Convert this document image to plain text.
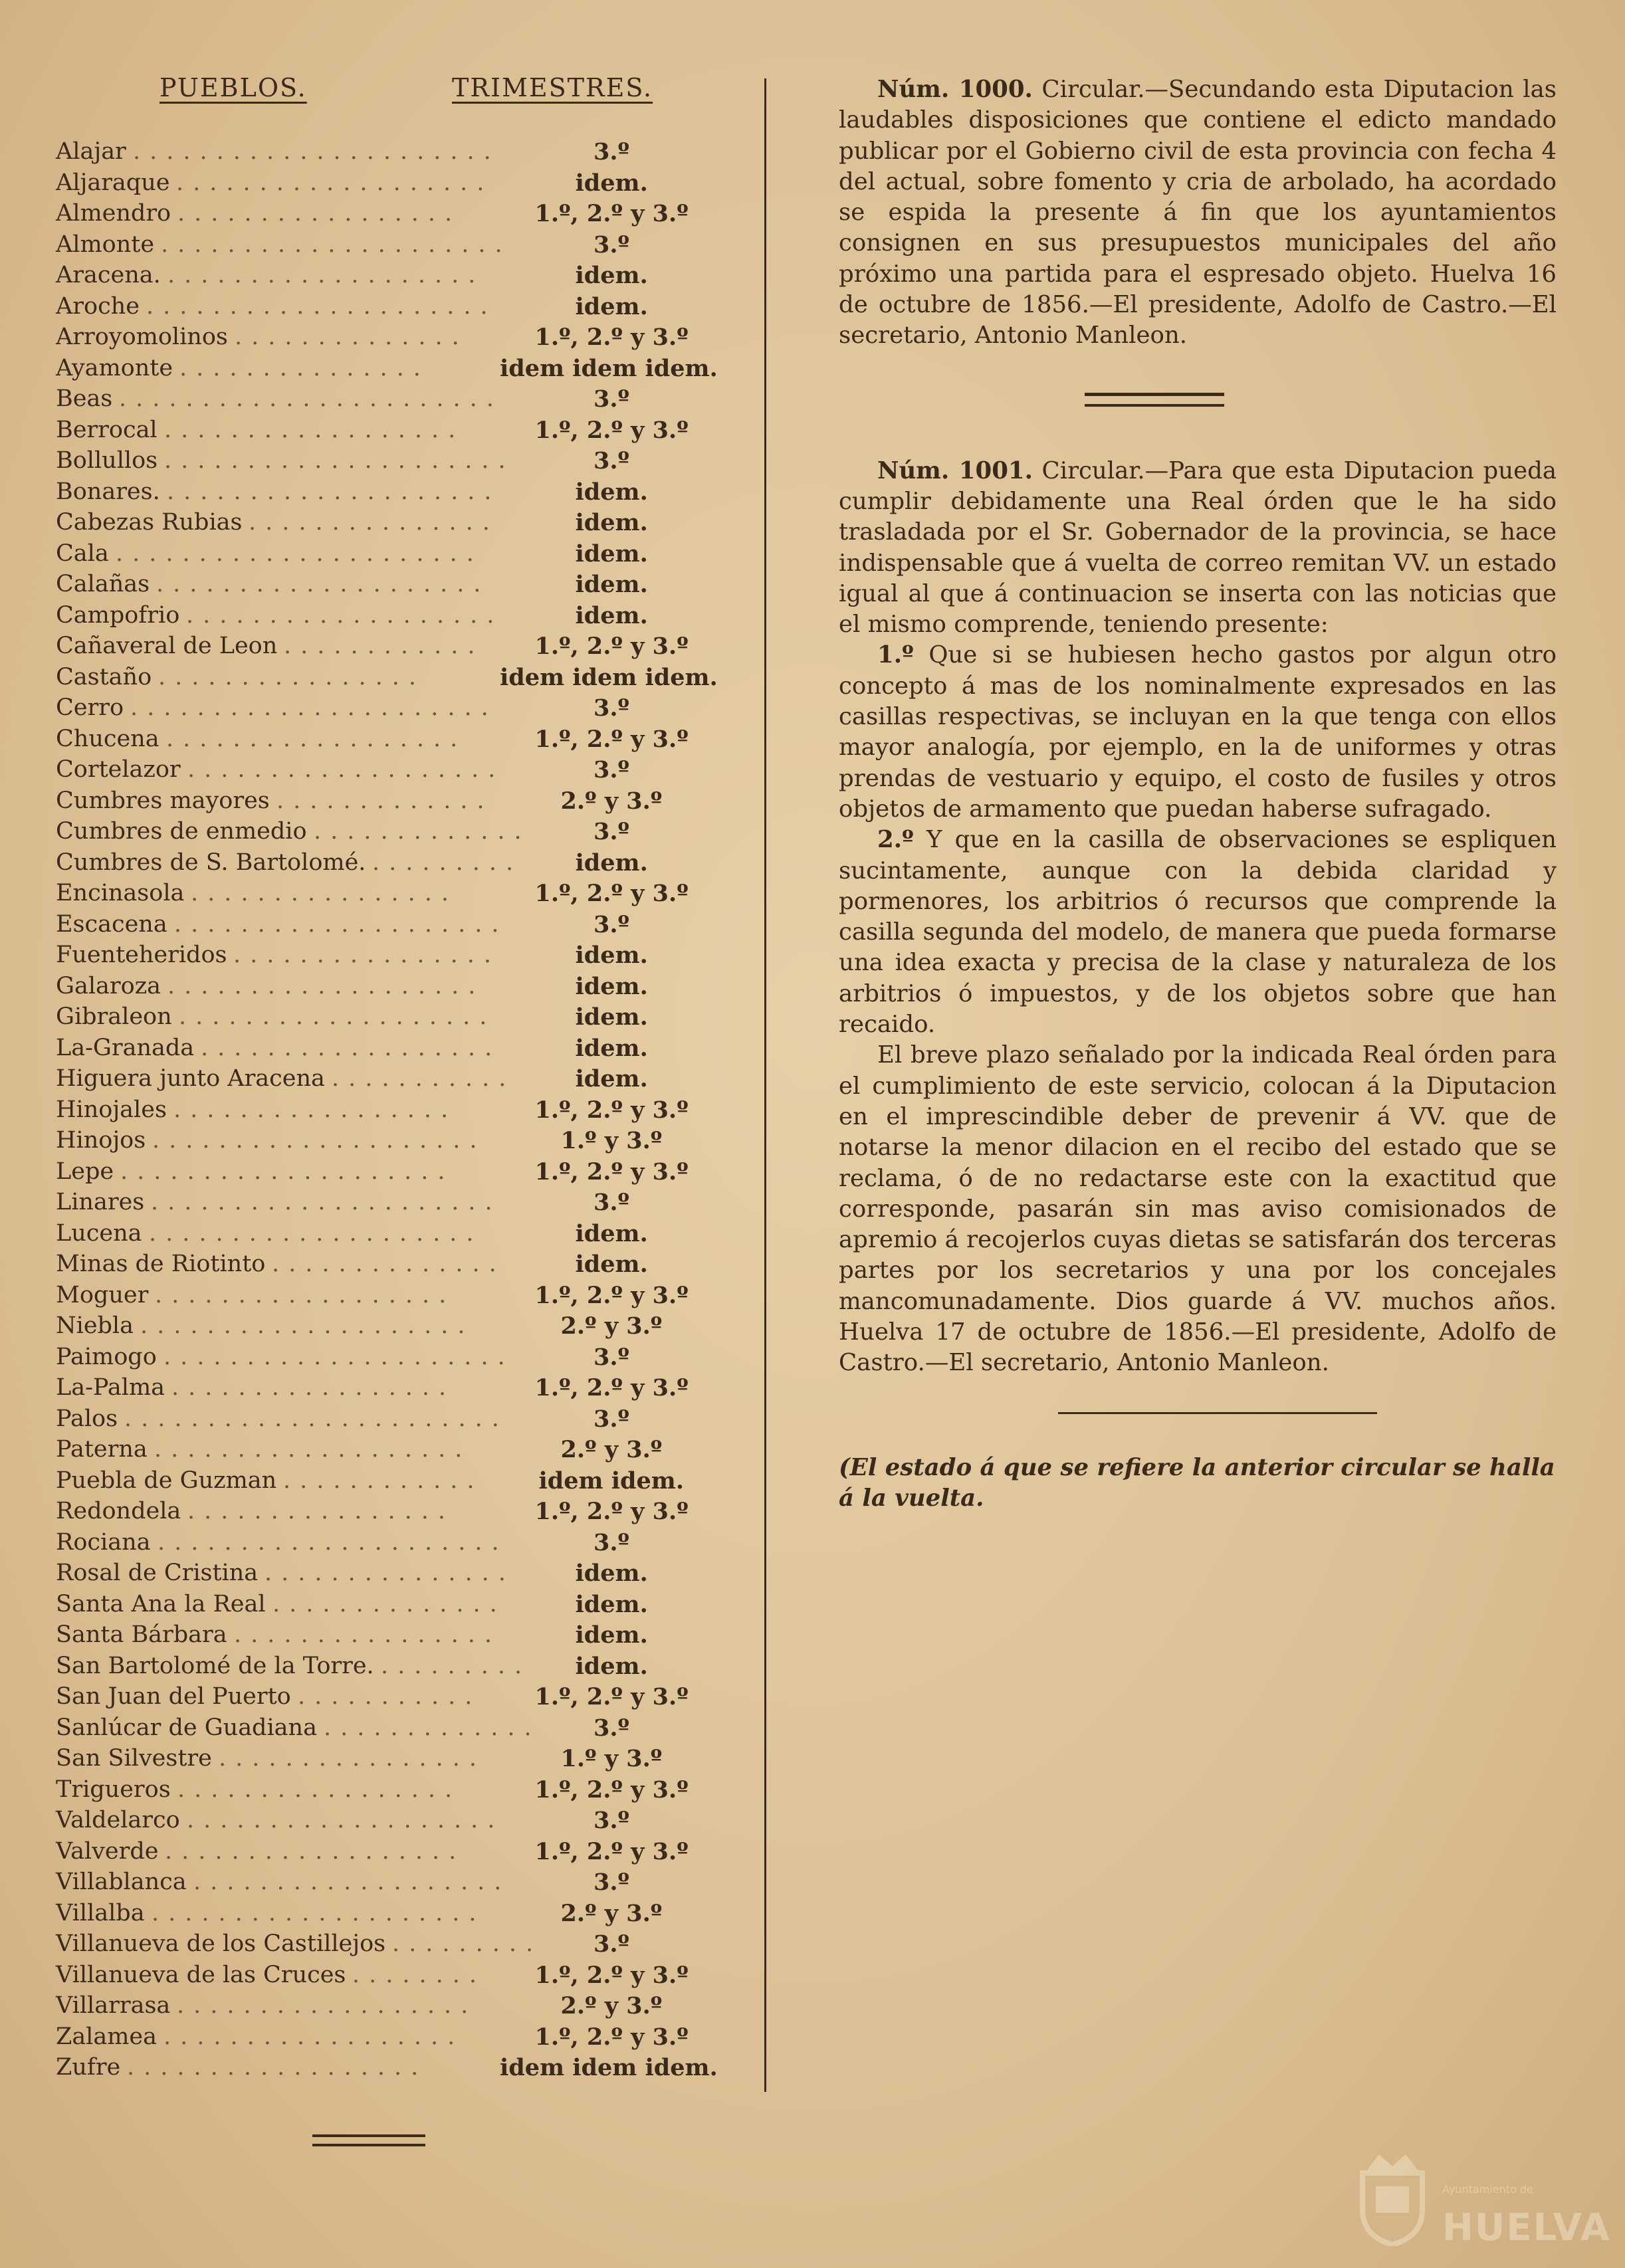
PUEBLOS.	TRIMESTRES.
Alajar ......................	3.º
Aljaraque ...................	idem.
Almendro .................	1.º, 2.º y 3.º
Almonte .....................	3.º
Aracena. ...................	idem.
Aroche .....................	idem.
Arroyomolinos ..............	1.º, 2.º y 3.º
Ayamonte ...............	idem idem idem.
Beas .......................	3.º
Berrocal ..................	1.º, 2.º y 3.º
Bollullos .....................	3.º
Bonares. ....................	idem.
Cabezas Rubias ...............	idem.
Cala ......................	idem.
Calañas ....................	idem.
Campofrio ...................	idem.
Cañaveral de Leon ............ 1.º, 2.º y 3.º
Castaño ................	idem idem idem.
Cerro ......................	3.º
Chucena ..................	1.º, 2.º y 3.º
Cortelazor ...................	3.º
Cumbres mayores .............	2.º y 3.º
Cumbres de enmedio .............	3.º
Cumbres de S. Bartolomé. ......... idem.
Encinasola ................	1.º, 2.º y 3.º
Escacena ....................	3.º
Fuenteheridos ................	idem.
Galaroza ...................	idem.
Gibraleon ...................	idem.
La-Granada ..................	idem.
Higuera junto Aracena ...........	idem.
Hinojales .................	1.º, 2.º y 3.º
Hinojos ....................	1.º y 3.º
Lepe ....................	1.º, 2.º y 3.º
Linares .....................	3.º
Lucena ....................	idem.
Minas de Riotinto ..............	idem.
Moguer ..................	1.º, 2.º y 3.º
Niebla ....................	2.º y 3.º
Paimogo .....................	3.º
La-Palma .................	1.º, 2.º y 3.º
Palos .......................	3.º
Paterna ...................	2.º y 3.º
Puebla de Guzman ............ idem idem.
Redondela ................	1.º, 2.º y 3.º
Rociana .....................	3.º
Rosal de Cristina ...............	idem.
Santa Ana la Real ..............	idem.
Santa Bárbara ................	idem.
San Bartolomé de la Torre. ......... idem.
San Juan del Puerto ........... 1.º, 2.º y 3.º
Sanlúcar de Guadiana ............. 3.º
San Silvestre ................	1.º y 3.º
Trigueros .................	1.º, 2.º y 3.º
Valdelarco ...................	3.º
Valverde ..................	1.º, 2.º y 3.º
Villablanca ...................	3.º
Villalba ....................	2.º y 3.º
Villanueva de los Castillejos ......... 3.º
Villanueva de las Cruces ........ 1.º, 2.º y 3.º
Villarrasa ..................	2.º y 3.º
Zalamea ..................	1.º, 2.º y 3.º
Zufre ..................	idem idem idem.

Núm. 1000. Circular.—Secundando esta Diputacion las laudables disposiciones que contiene el edicto mandado publicar por el Gobierno civil de esta provincia con fecha 4 del actual, sobre fomento y cria de arbolado, ha acordado se espida la presente á fin que los ayuntamientos consignen en sus presupuestos municipales del año próximo una partida para el espresado objeto. Huelva 16 de octubre de 1856.—El presidente, Adolfo de Castro.—El secretario, Antonio Manleon.

Núm. 1001. Circular.—Para que esta Diputacion pueda cumplir debidamente una Real órden que le ha sido trasladada por el Sr. Gobernador de la provincia, se hace indispensable que á vuelta de correo remitan VV. un estado igual al que á continuacion se inserta con las noticias que el mismo comprende, teniendo presente:

1.º Que si se hubiesen hecho gastos por algun otro concepto á mas de los nominalmente expresados en las casillas respectivas, se incluyan en la que tenga con ellos mayor analogía, por ejemplo, en la de uniformes y otras prendas de vestuario y equipo, el costo de fusiles y otros objetos de armamento que puedan haberse sufragado.

2.º Y que en la casilla de observaciones se espliquen sucintamente, aunque con la debida claridad y pormenores, los arbitrios ó recursos que comprende la casilla segunda del modelo, de manera que pueda formarse una idea exacta y precisa de la clase y naturaleza de los arbitrios ó impuestos, y de los objetos sobre que han recaido.

El breve plazo señalado por la indicada Real órden para el cumplimiento de este servicio, colocan á la Diputacion en el imprescindible deber de prevenir á VV. que de notarse la menor dilacion en el recibo del estado que se reclama, ó de no redactarse este con la exactitud que corresponde, pasarán sin mas aviso comisionados de apremio á recojerlos cuyas dietas se satisfarán dos terceras partes por los secretarios y una por los concejales mancomunadamente. Dios guarde á VV. muchos años. Huelva 17 de octubre de 1856.—El presidente, Adolfo de Castro.—El secretario, Antonio Manleon.

(El estado á que se refiere la anterior circular se halla á la vuelta.

Ayuntamiento de
HUELVA
